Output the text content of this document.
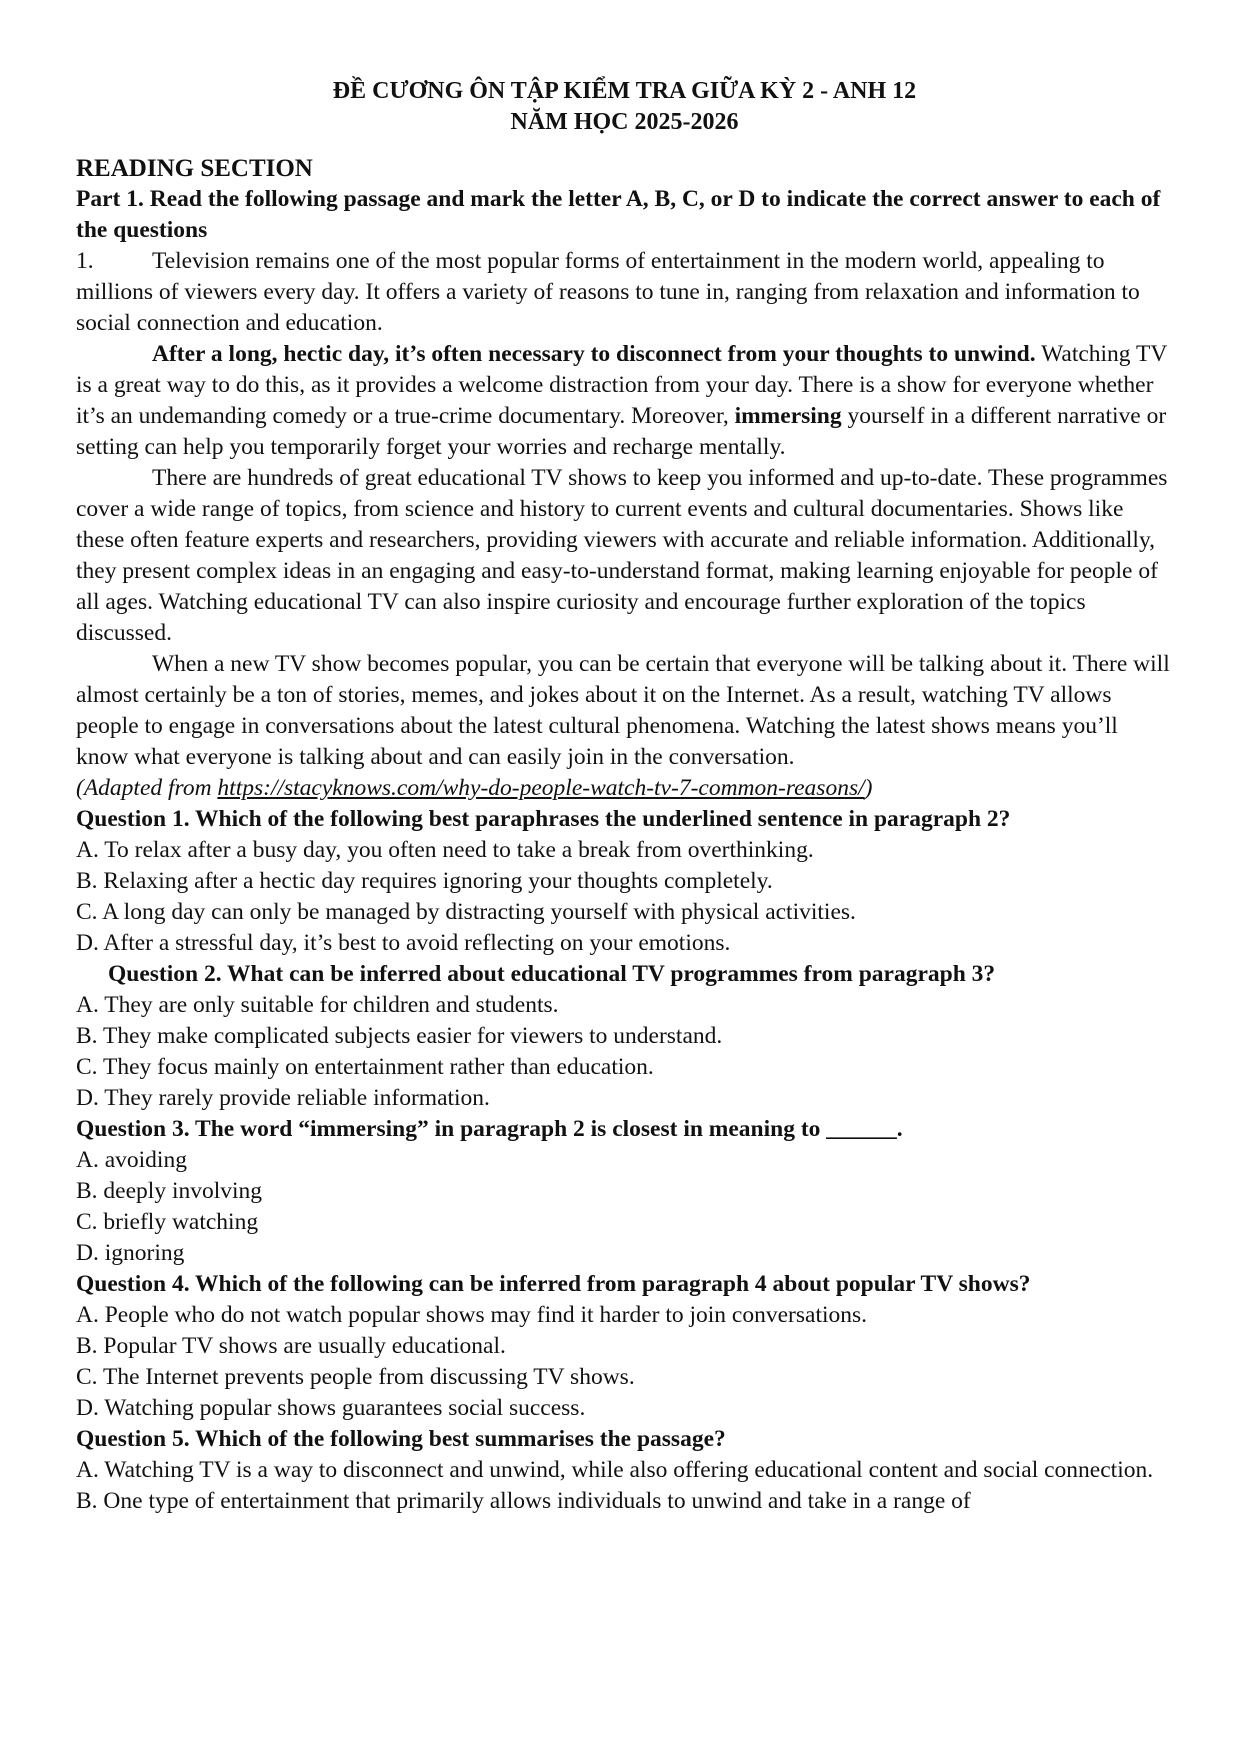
ĐỀ CƯƠNG ÔN TẬP KIỂM TRA GIỮA KỲ 2 - ANH 12
NĂM HỌC 2025-2026
READING SECTION

Part 1. Read the following passage and mark the letter A, B, C, or D to indicate the correct answer to each of the questions

1. Television remains one of the most popular forms of entertainment in the modern world, appealing to millions of viewers every day. It offers a variety of reasons to tune in, ranging from relaxation and information to social connection and education.

After a long, hectic day, it’s often necessary to disconnect from your thoughts to unwind. Watching TV is a great way to do this, as it provides a welcome distraction from your day. There is a show for everyone whether it’s an undemanding comedy or a true-crime documentary. Moreover, immersing yourself in a different narrative or setting can help you temporarily forget your worries and recharge mentally.

There are hundreds of great educational TV shows to keep you informed and up-to-date. These programmes cover a wide range of topics, from science and history to current events and cultural documentaries. Shows like these often feature experts and researchers, providing viewers with accurate and reliable information. Additionally, they present complex ideas in an engaging and easy-to-understand format, making learning enjoyable for people of all ages. Watching educational TV can also inspire curiosity and encourage further exploration of the topics discussed.

When a new TV show becomes popular, you can be certain that everyone will be talking about it. There will almost certainly be a ton of stories, memes, and jokes about it on the Internet. As a result, watching TV allows people to engage in conversations about the latest cultural phenomena. Watching the latest shows means you’ll know what everyone is talking about and can easily join in the conversation.

(Adapted from https://stacyknows.com/why-do-people-watch-tv-7-common-reasons/)

Question 1. Which of the following best paraphrases the underlined sentence in paragraph 2?

A. To relax after a busy day, you often need to take a break from overthinking.

B. Relaxing after a hectic day requires ignoring your thoughts completely.

C. A long day can only be managed by distracting yourself with physical activities.

D. After a stressful day, it’s best to avoid reflecting on your emotions.

Question 2. What can be inferred about educational TV programmes from paragraph 3?

A. They are only suitable for children and students.

B. They make complicated subjects easier for viewers to understand.

C. They focus mainly on entertainment rather than education.

D. They rarely provide reliable information.

Question 3. The word “immersing” in paragraph 2 is closest in meaning to ______.

A. avoiding

B. deeply involving

C. briefly watching

D. ignoring

Question 4. Which of the following can be inferred from paragraph 4 about popular TV shows?

A. People who do not watch popular shows may find it harder to join conversations.

B. Popular TV shows are usually educational.

C. The Internet prevents people from discussing TV shows.

D. Watching popular shows guarantees social success.

Question 5. Which of the following best summarises the passage?

A. Watching TV is a way to disconnect and unwind, while also offering educational content and social connection.

B. One type of entertainment that primarily allows individuals to unwind and take in a range of
